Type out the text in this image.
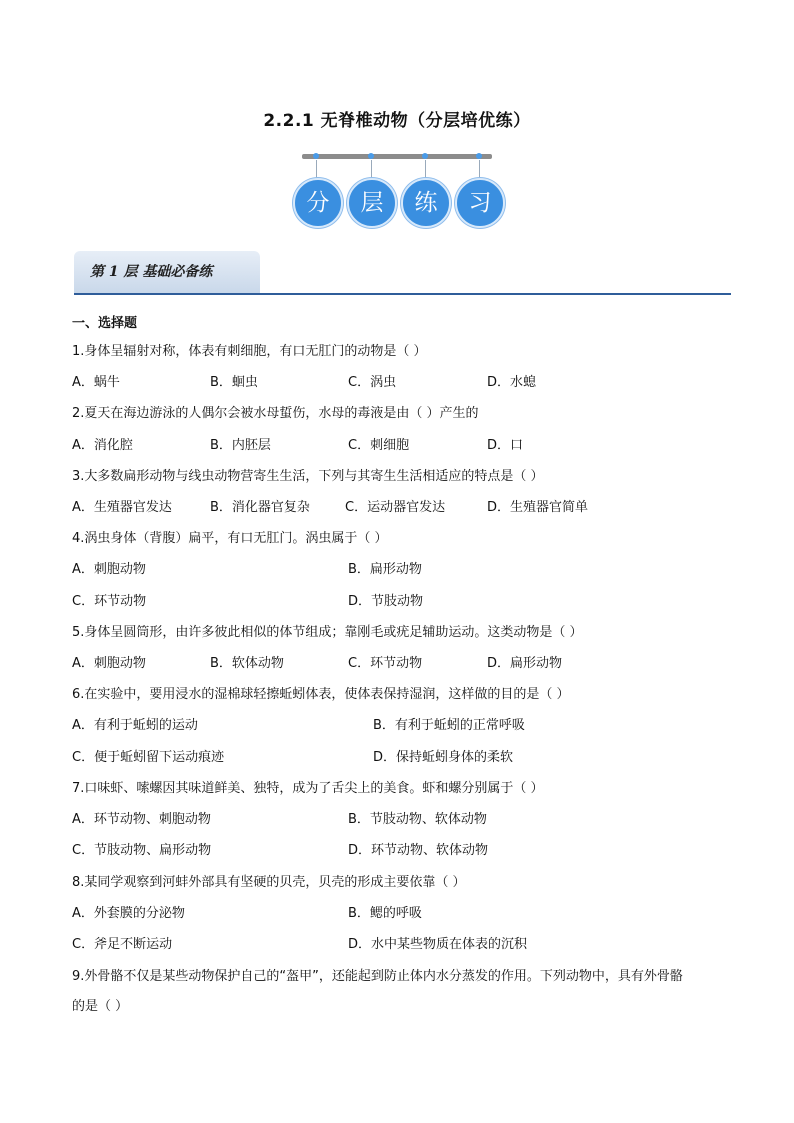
2.2.1 无脊椎动物（分层培优练）
分	层	练	习
第 1 层 基础必备练
一、选择题
1.身体呈辐射对称，体表有刺细胞，有口无肛门的动物是（ ）
A．蜗牛	B．蛔虫	C．涡虫	D．水螅
2.夏天在海边游泳的人偶尔会被水母蜇伤，水母的毒液是由（ ）产生的
A．消化腔	B．内胚层	C．刺细胞	D．口
3.大多数扁形动物与线虫动物营寄生生活，下列与其寄生生活相适应的特点是（ ）
A．生殖器官发达	B．消化器官复杂	C．运动器官发达	D．生殖器官简单
4.涡虫身体（背腹）扁平，有口无肛门。涡虫属于（ ）
A．刺胞动物	B．扁形动物
C．环节动物	D．节肢动物
5.身体呈圆筒形，由许多彼此相似的体节组成；靠刚毛或疣足辅助运动。这类动物是（ ）
A．刺胞动物	B．软体动物	C．环节动物	D．扁形动物
6.在实验中，要用浸水的湿棉球轻擦蚯蚓体表，使体表保持湿润，这样做的目的是（ ）
A．有利于蚯蚓的运动	B．有利于蚯蚓的正常呼吸
C．便于蚯蚓留下运动痕迹	D．保持蚯蚓身体的柔软
7.口味虾、嗦螺因其味道鲜美、独特，成为了舌尖上的美食。虾和螺分别属于（ ）
A．环节动物、刺胞动物	B．节肢动物、软体动物
C．节肢动物、扁形动物	D．环节动物、软体动物
8.某同学观察到河蚌外部具有坚硬的贝壳，贝壳的形成主要依靠（ ）
A．外套膜的分泌物	B．鳃的呼吸
C．斧足不断运动	D．水中某些物质在体表的沉积
9.外骨骼不仅是某些动物保护自己的“盔甲”，还能起到防止体内水分蒸发的作用。下列动物中，具有外骨骼
的是（ ）
